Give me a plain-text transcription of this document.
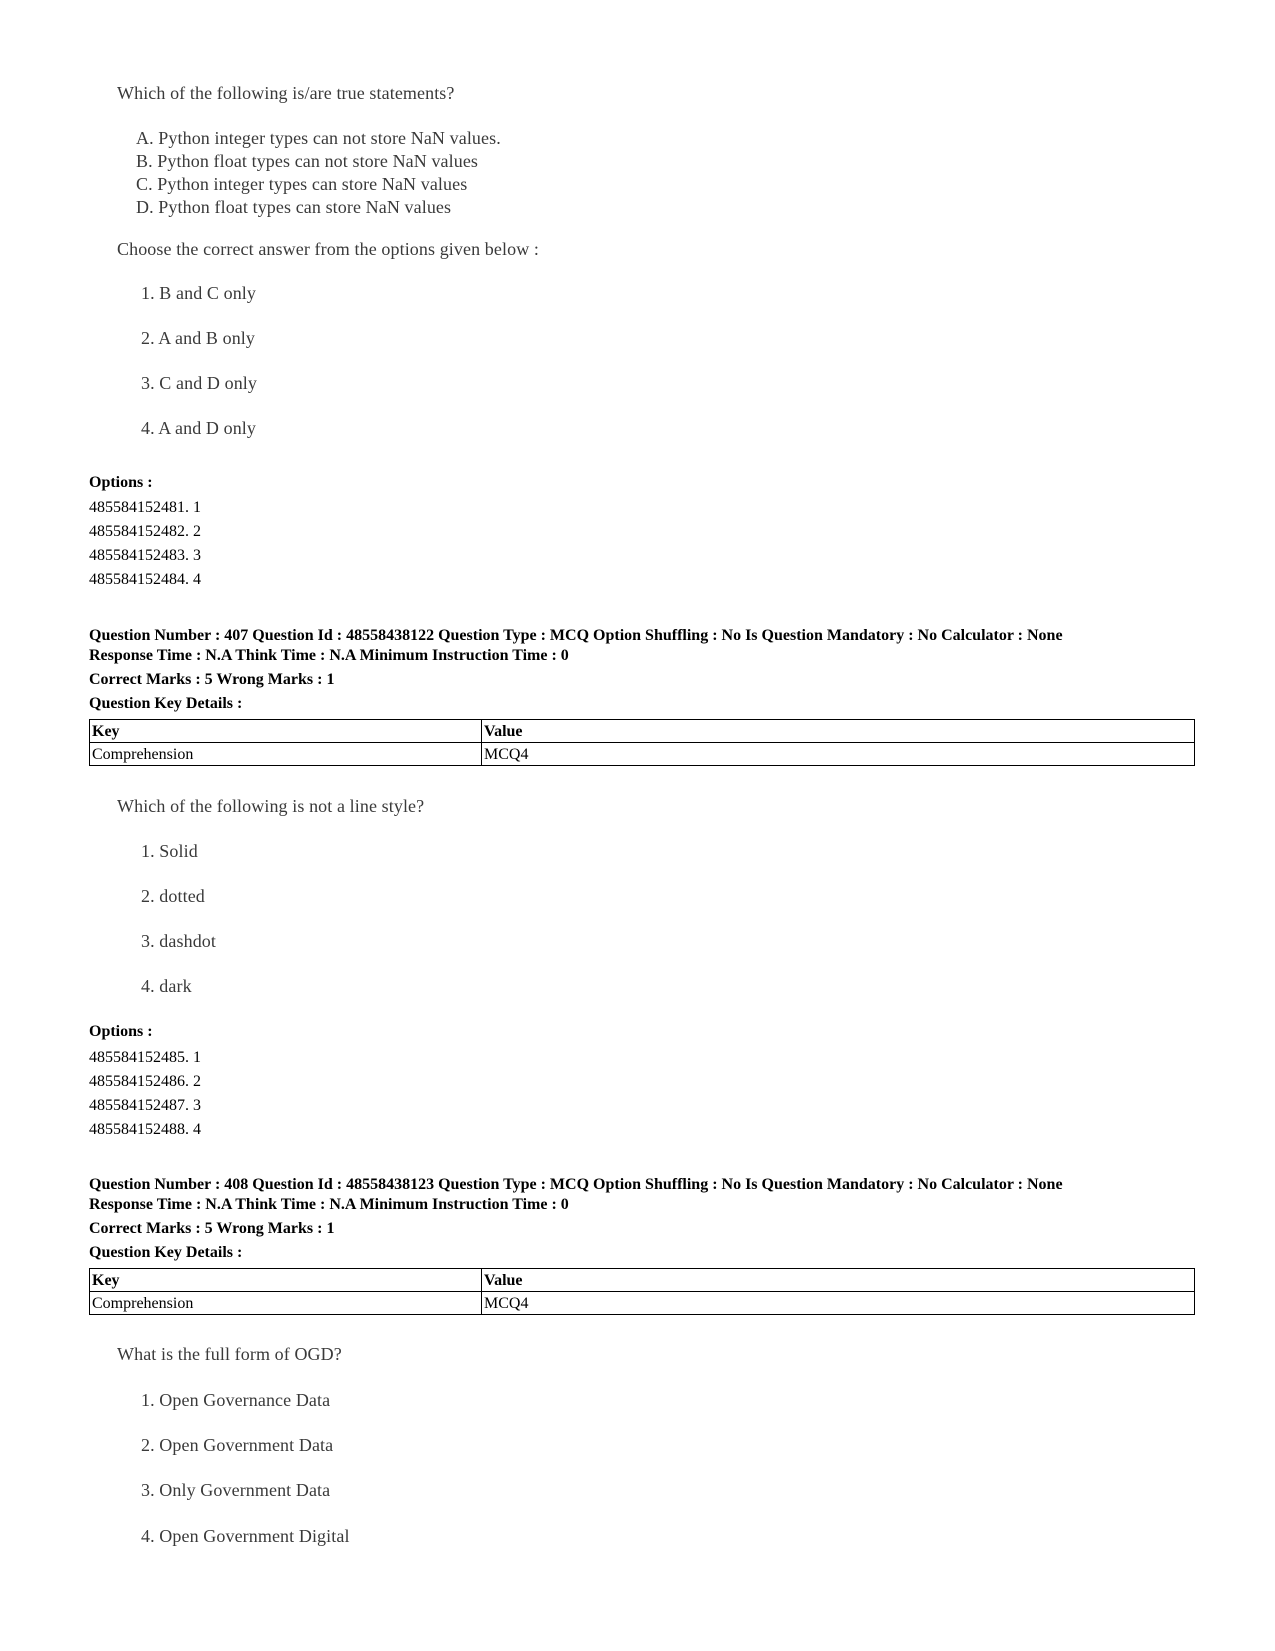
Which of the following is/are true statements?
A. Python integer types can not store NaN values.
B. Python float types can not store NaN values
C. Python integer types can store NaN values
D. Python float types can store NaN values
Choose the correct answer from the options given below :
1. B and C only
2. A and B only
3. C and D only
4. A and D only
Options :
485584152481. 1
485584152482. 2
485584152483. 3
485584152484. 4
Question Number : 407 Question Id : 48558438122 Question Type : MCQ Option Shuffling : No Is Question Mandatory : No Calculator : None
Response Time : N.A Think Time : N.A Minimum Instruction Time : 0
Correct Marks : 5 Wrong Marks : 1
Question Key Details :
Key	Value
Comprehension	MCQ4
Which of the following is not a line style?
1. Solid
2. dotted
3. dashdot
4. dark
Options :
485584152485. 1
485584152486. 2
485584152487. 3
485584152488. 4
Question Number : 408 Question Id : 48558438123 Question Type : MCQ Option Shuffling : No Is Question Mandatory : No Calculator : None
Response Time : N.A Think Time : N.A Minimum Instruction Time : 0
Correct Marks : 5 Wrong Marks : 1
Question Key Details :
Key	Value
Comprehension	MCQ4
What is the full form of OGD?
1. Open Governance Data
2. Open Government Data
3. Only Government Data
4. Open Government Digital
